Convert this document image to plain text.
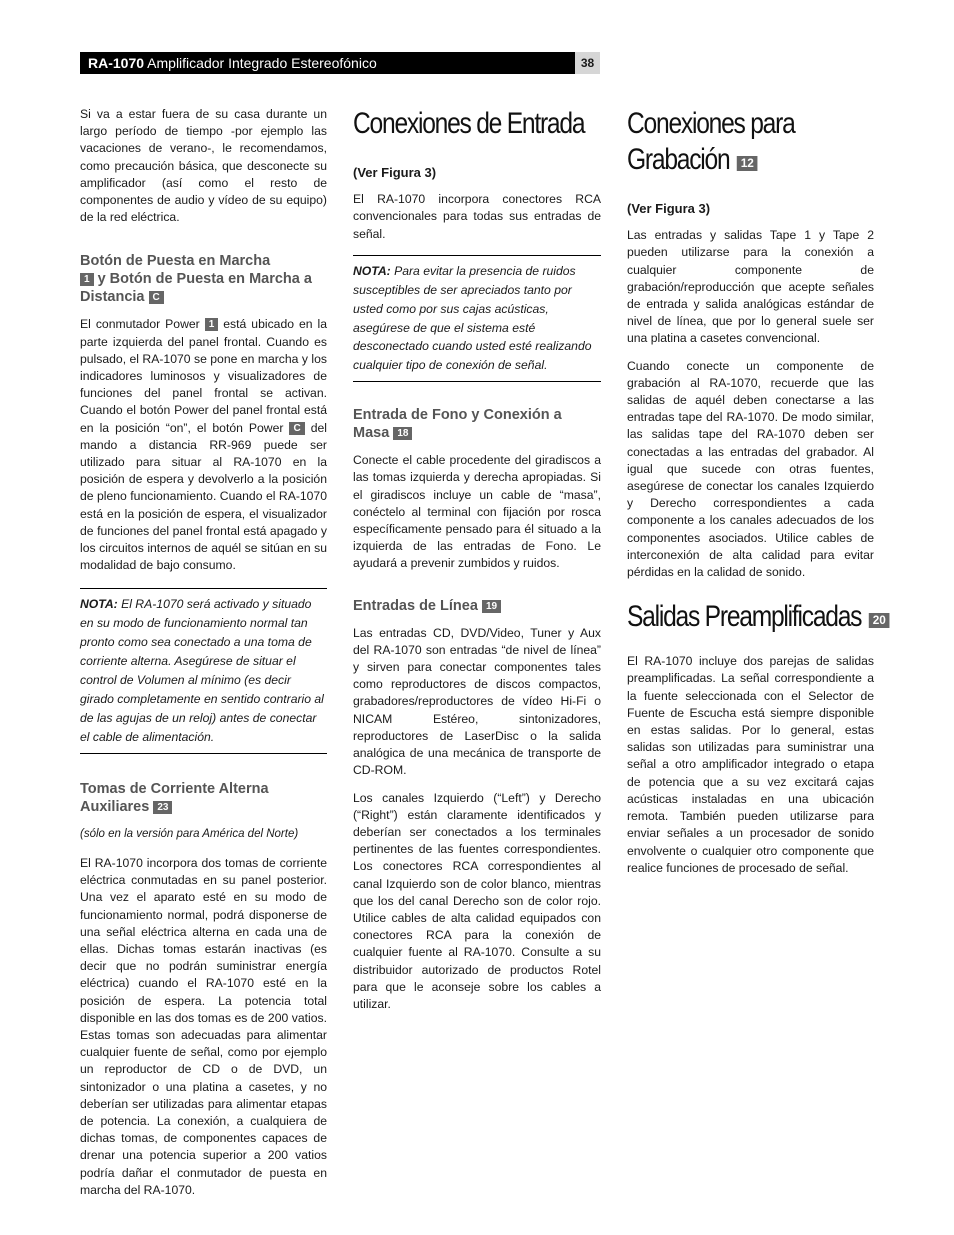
RA-1070 Amplificador Integrado Estereofónico	38

Si va a estar fuera de su casa durante un largo período de tiempo -por ejemplo las vacaciones de verano-, le recomendamos, como precaución básica, que desconecte su amplificador (así como el resto de componentes de audio y vídeo de su equipo) de la red eléctrica.

Botón de Puesta en Marcha
1 y Botón de Puesta en Marcha a Distancia C

El conmutador Power 1 está ubicado en la parte izquierda del panel frontal. Cuando es pulsado, el RA-1070 se pone en marcha y los indicadores luminosos y visualizadores de funciones del panel frontal se activan. Cuando el botón Power del panel frontal está en la posición “on”, el botón Power C del mando a distancia RR-969 puede ser utilizado para situar al RA-1070 en la posición de espera y devolverlo a la posición de pleno funcionamiento. Cuando el RA-1070 está en la posición de espera, el visualizador de funciones del panel frontal está apagado y los circuitos internos de aquél se sitúan en su modalidad de bajo consumo.

NOTA: El RA-1070 será activado y situado en su modo de funcionamiento normal tan pronto como sea conectado a una toma de corriente alterna. Asegúrese de situar el control de Volumen al mínimo (es decir girado completamente en sentido contrario al de las agujas de un reloj) antes de conectar el cable de alimentación.
Tomas de Corriente Alterna Auxiliares 23

(sólo en la versión para América del Norte)

El RA-1070 incorpora dos tomas de corriente eléctrica conmutadas en su panel posterior. Una vez el aparato esté en su modo de funcionamiento normal, podrá disponerse de una señal eléctrica alterna en cada una de ellas. Dichas tomas estarán inactivas (es decir que no podrán suministrar energía eléctrica) cuando el RA-1070 esté en la posición de espera. La potencia total disponible en las dos tomas es de 200 vatios. Estas tomas son adecuadas para alimentar cualquier fuente de señal, como por ejemplo un reproductor de CD o de DVD, un sintonizador o una platina a casetes, y no deberían ser utilizadas para alimentar etapas de potencia. La conexión, a cualquiera de dichas tomas, de componentes capaces de drenar una potencia superior a 200 vatios podría dañar el conmutador de puesta en marcha del RA-1070.

Conexiones de Entrada
(Ver Figura 3)

El RA-1070 incorpora conectores RCA convencionales para todas sus entradas de señal.

NOTA: Para evitar la presencia de ruidos susceptibles de ser apreciados tanto por usted como por sus cajas acústicas, asegúrese de que el sistema esté desconectado cuando usted esté realizando cualquier tipo de conexión de señal.
Entrada de Fono y Conexión a Masa 18

Conecte el cable procedente del giradiscos a las tomas izquierda y derecha apropiadas. Si el giradiscos incluye un cable de “masa”, conéctelo al terminal con fijación por rosca específicamente pensado para él situado a la izquierda de las entradas de Fono. Le ayudará a prevenir zumbidos y ruidos.

Entradas de Línea 19

Las entradas CD, DVD/Video, Tuner y Aux del RA-1070 son entradas “de nivel de línea” y sirven para conectar componentes tales como reproductores de discos compactos, grabadores/reproductores de vídeo Hi-Fi o NICAM Estéreo, sintonizadores, reproductores de LaserDisc o la salida analógica de una mecánica de transporte de CD-ROM.

Los canales Izquierdo (“Left”) y Derecho (“Right”) están claramente identificados y deberían ser conectados a los terminales pertinentes de las fuentes correspondientes. Los conectores RCA correspondientes al canal Izquierdo son de color blanco, mientras que los del canal Derecho son de color rojo. Utilice cables de alta calidad equipados con conectores RCA para la conexión de cualquier fuente al RA-1070. Consulte a su distribuidor autorizado de productos Rotel para que le aconseje sobre los cables a utilizar.

Conexiones para
Grabación 12
(Ver Figura 3)

Las entradas y salidas Tape 1 y Tape 2 pueden utilizarse para la conexión a cualquier componente de grabación/reproducción que acepte señales de entrada y salida analógicas estándar de nivel de línea, que por lo general suele ser una platina a casetes convencional.

Cuando conecte un componente de grabación al RA-1070, recuerde que las salidas de aquél deben conectarse a las entradas tape del RA-1070. De modo similar, las salidas tape del RA-1070 deben ser conectadas a las entradas del grabador. Al igual que sucede con otras fuentes, asegúrese de conectar los canales Izquierdo y Derecho correspondientes a cada componente a los canales adecuados de los componentes asociados. Utilice cables de interconexión de alta calidad para evitar pérdidas en la calidad de sonido.

Salidas Preamplificadas 20

El RA-1070 incluye dos parejas de salidas preamplificadas. La señal correspondiente a la fuente seleccionada con el Selector de Fuente de Escucha está siempre disponible en estas salidas. Por lo general, estas salidas son utilizadas para suministrar una señal a otro amplificador integrado o etapa de potencia que a su vez excitará cajas acústicas instaladas en una ubicación remota. También pueden utilizarse para enviar señales a un procesador de sonido envolvente o cualquier otro componente que realice funciones de procesado de señal.
